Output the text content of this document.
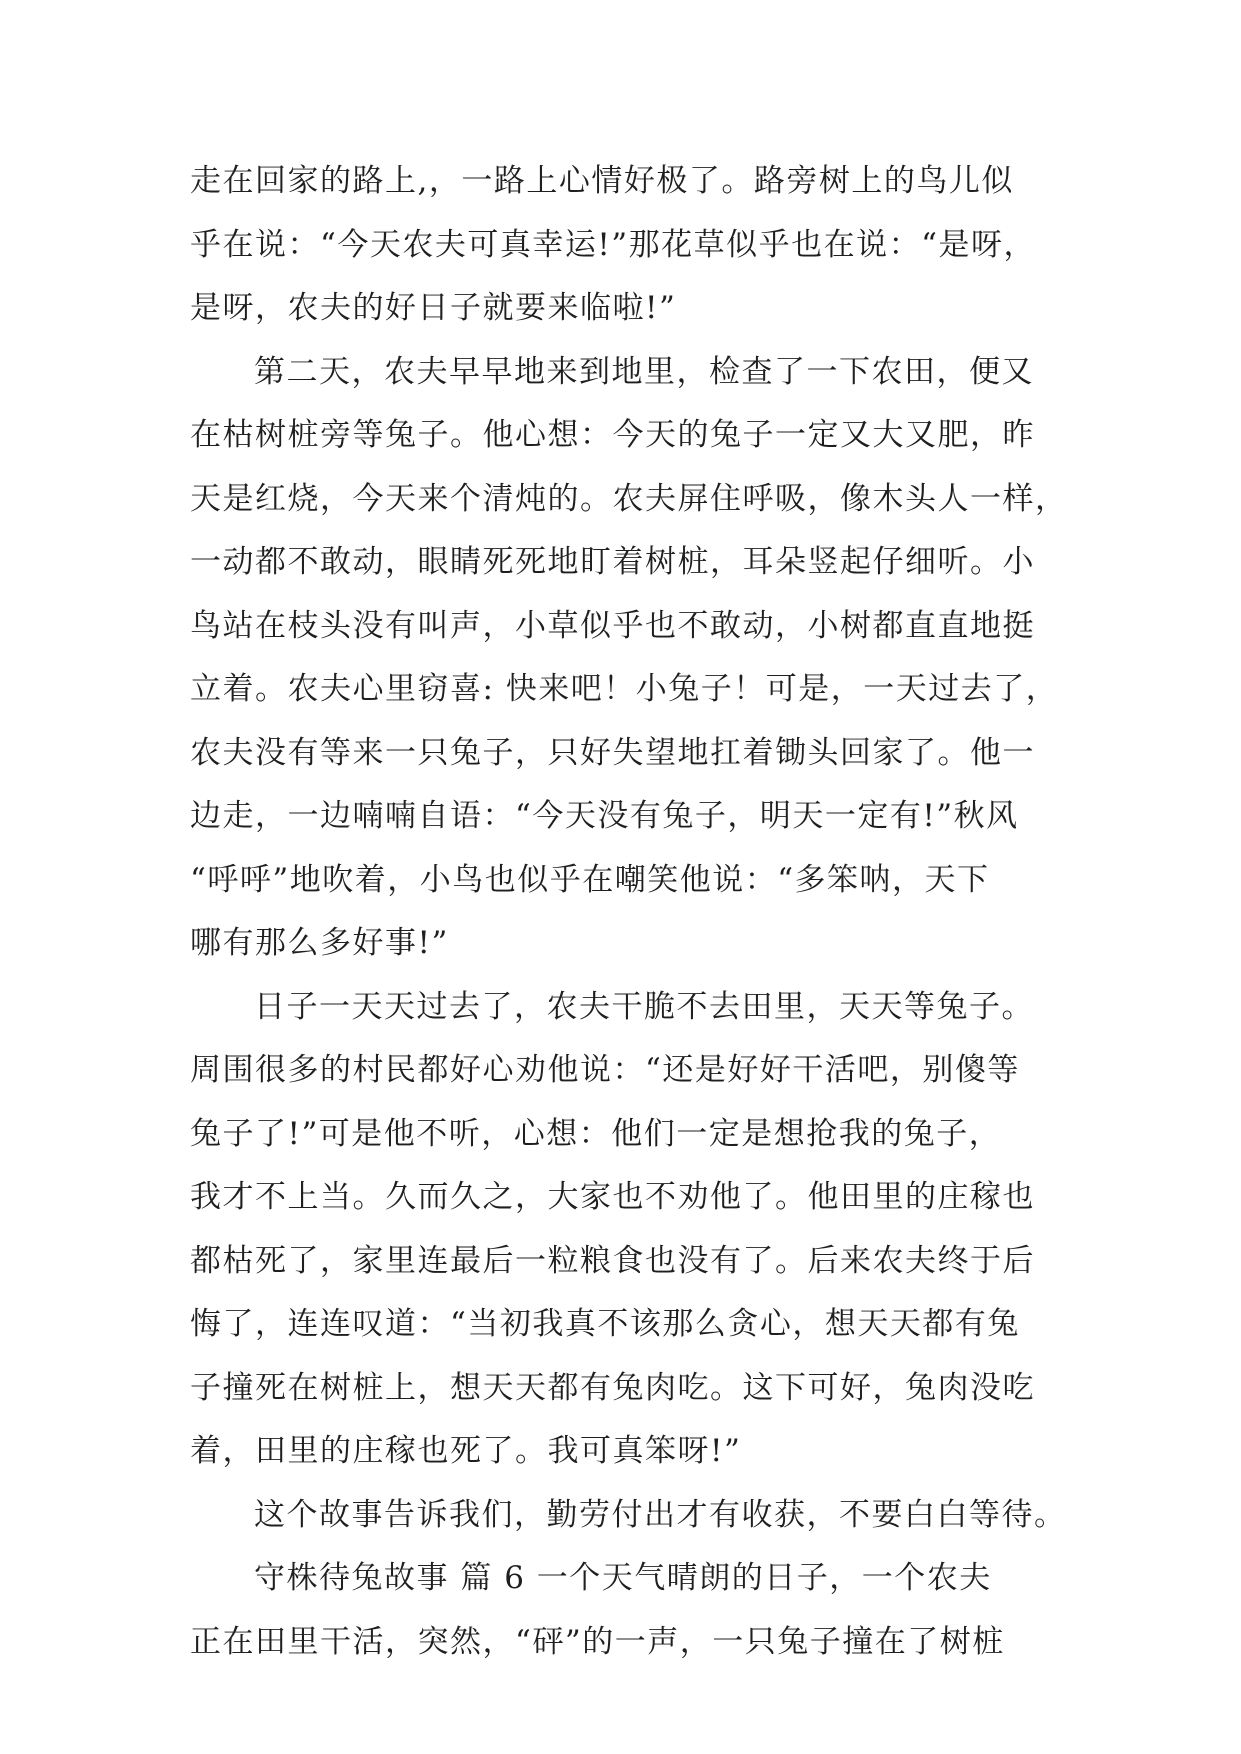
走在回家的路上,，一路上心情好极了。路旁树上的鸟儿似
乎在说：“今天农夫可真幸运!”那花草似乎也在说：“是呀，
是呀，农夫的好日子就要来临啦!”
第二天，农夫早早地来到地里，检查了一下农田，便又
在枯树桩旁等兔子。他心想：今天的兔子一定又大又肥，昨
天是红烧，今天来个清炖的。农夫屏住呼吸，像木头人一样，
一动都不敢动，眼睛死死地盯着树桩，耳朵竖起仔细听。小
鸟站在枝头没有叫声，小草似乎也不敢动，小树都直直地挺
立着。农夫心里窃喜: 快来吧！小兔子！可是，一天过去了，
农夫没有等来一只兔子，只好失望地扛着锄头回家了。他一
边走，一边喃喃自语：“今天没有兔子，明天一定有!”秋风
“呼呼”地吹着，小鸟也似乎在嘲笑他说：“多笨呐，天下
哪有那么多好事!”
日子一天天过去了，农夫干脆不去田里，天天等兔子。
周围很多的村民都好心劝他说：“还是好好干活吧，别傻等
兔子了!”可是他不听，心想：他们一定是想抢我的兔子，
我才不上当。久而久之，大家也不劝他了。他田里的庄稼也
都枯死了，家里连最后一粒粮食也没有了。后来农夫终于后
悔了，连连叹道：“当初我真不该那么贪心，想天天都有兔
子撞死在树桩上，想天天都有兔肉吃。这下可好，兔肉没吃
着，田里的庄稼也死了。我可真笨呀!”
这个故事告诉我们，勤劳付出才有收获，不要白白等待。
守株待兔故事 篇 6 一个天气晴朗的日子，一个农夫
正在田里干活，突然，“砰”的一声，一只兔子撞在了树桩
